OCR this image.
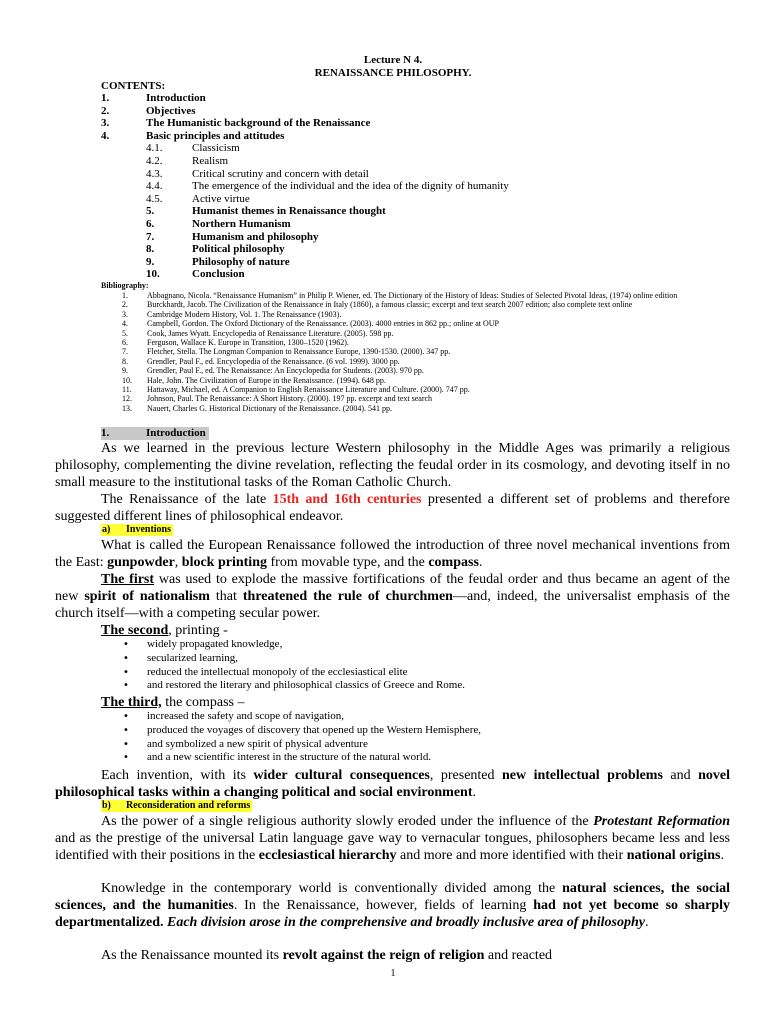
Lecture N 4.
RENAISSANCE PHILOSOPHY.
CONTENTS:
1.	Introduction
2.	Objectives
3.	The Humanistic background of the Renaissance
4.	Basic principles and attitudes
4.1.	Classicism
4.2.	Realism
4.3.	Critical scrutiny and concern with detail
4.4.	The emergence of the individual and the idea of the dignity of humanity
4.5.	Active virtue
5.	Humanist themes in Renaissance thought
6.	Northern Humanism
7.	Humanism and philosophy
8.	Political philosophy
9.	Philosophy of nature
10.	Conclusion
Bibliography:
1. Abbagnano, Nicola. “Renaissance Humanism” in Philip P. Wiener, ed. The Dictionary of the History of Ideas: Studies of Selected Pivotal Ideas, (1974) online edition
2. Burckhardt, Jacob. The Civilization of the Renaissance in Italy (1860), a famous classic; excerpt and text search 2007 edition; also complete text online
3. Cambridge Modern History, Vol. 1. The Renaissance (1903).
4. Campbell, Gordon. The Oxford Dictionary of the Renaissance. (2003). 4000 entries in 862 pp.; online at OUP
5. Cook, James Wyatt. Encyclopedia of Renaissance Literature. (2005). 598 pp.
6. Ferguson, Wallace K. Europe in Transition, 1300–1520 (1962).
7. Fletcher, Stella. The Longman Companion to Renaissance Europe, 1390-1530. (2000). 347 pp.
8. Grendler, Paul F., ed. Encyclopedia of the Renaissance. (6 vol. 1999). 3000 pp.
9. Grendler, Paul F., ed. The Renaissance: An Encyclopedia for Students. (2003). 970 pp.
10. Hale, John. The Civilization of Europe in the Renaissance. (1994). 648 pp.
11. Hattaway, Michael, ed. A Companion to English Renaissance Literature and Culture. (2000). 747 pp.
12. Johnson, Paul. The Renaissance: A Short History. (2000). 197 pp. excerpt and text search
13. Nauert, Charles G. Historical Dictionary of the Renaissance. (2004). 541 pp.
1.	Introduction
As we learned in the previous lecture Western philosophy in the Middle Ages was primarily a religious philosophy, complementing the divine revelation, reflecting the feudal order in its cosmology, and devoting itself in no small measure to the institutional tasks of the Roman Catholic Church.
The Renaissance of the late 15th and 16th centuries presented a different set of problems and therefore suggested different lines of philosophical endeavor.
a) Inventions
What is called the European Renaissance followed the introduction of three novel mechanical inventions from the East: gunpowder, block printing from movable type, and the compass.
The first was used to explode the massive fortifications of the feudal order and thus became an agent of the new spirit of nationalism that threatened the rule of churchmen—and, indeed, the universalist emphasis of the church itself—with a competing secular power.
The second, printing -
• widely propagated knowledge,
• secularized learning,
• reduced the intellectual monopoly of the ecclesiastical elite
• and restored the literary and philosophical classics of Greece and Rome.
The third, the compass –
• increased the safety and scope of navigation,
• produced the voyages of discovery that opened up the Western Hemisphere,
• and symbolized a new spirit of physical adventure
• and a new scientific interest in the structure of the natural world.
Each invention, with its wider cultural consequences, presented new intellectual problems and novel philosophical tasks within a changing political and social environment.
b) Reconsideration and reforms
As the power of a single religious authority slowly eroded under the influence of the Protestant Reformation and as the prestige of the universal Latin language gave way to vernacular tongues, philosophers became less and less identified with their positions in the ecclesiastical hierarchy and more and more identified with their national origins.
Knowledge in the contemporary world is conventionally divided among the natural sciences, the social sciences, and the humanities. In the Renaissance, however, fields of learning had not yet become so sharply departmentalized. Each division arose in the comprehensive and broadly inclusive area of philosophy.
As the Renaissance mounted its revolt against the reign of religion and reacted
1
